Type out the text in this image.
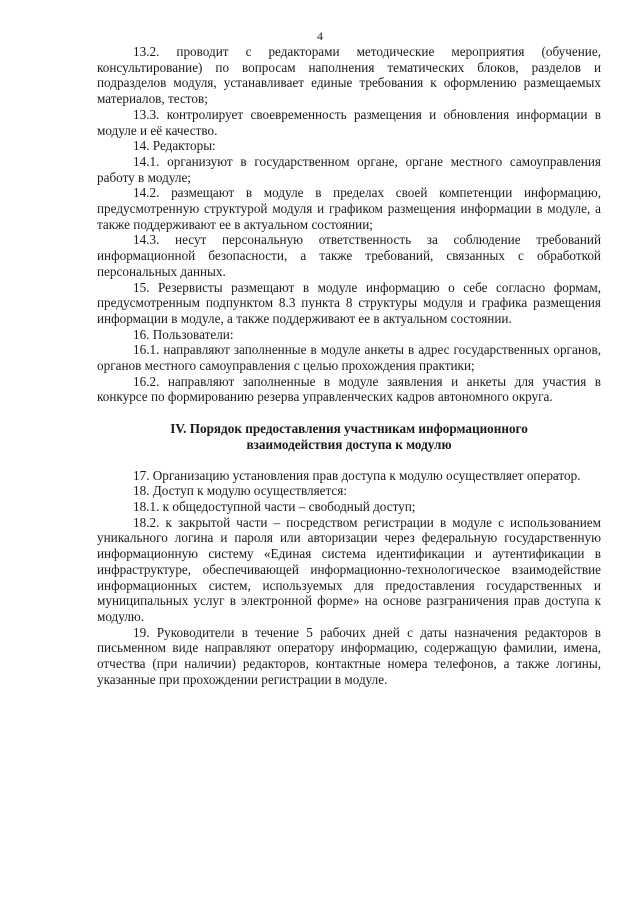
4

13.2. проводит с редакторами методические мероприятия (обучение, консультирование) по вопросам наполнения тематических блоков, разделов и подразделов модуля, устанавливает единые требования к оформлению размещаемых материалов, тестов;

13.3. контролирует своевременность размещения и обновления информации в модуле и её качество.

14. Редакторы:

14.1. организуют в государственном органе, органе местного самоуправления работу в модуле;

14.2. размещают в модуле в пределах своей компетенции информацию, предусмотренную структурой модуля и графиком размещения информации в модуле, а также поддерживают ее в актуальном состоянии;

14.3. несут персональную ответственность за соблюдение требований информационной безопасности, а также требований, связанных с обработкой персональных данных.

15. Резервисты размещают в модуле информацию о себе согласно формам, предусмотренным подпунктом 8.3 пункта 8 структуры модуля и графика размещения информации в модуле, а также поддерживают ее в актуальном состоянии.

16. Пользователи:

16.1. направляют заполненные в модуле анкеты в адрес государственных органов, органов местного самоуправления с целью прохождения практики;

16.2. направляют заполненные в модуле заявления и анкеты для участия в конкурсе по формированию резерва управленческих кадров автономного округа.

IV. Порядок предоставления участникам информационного
взаимодействия доступа к модулю

17. Организацию установления прав доступа к модулю осуществляет оператор.

18. Доступ к модулю осуществляется:

18.1. к общедоступной части – свободный доступ;

18.2. к закрытой части – посредством регистрации в модуле с использованием уникального логина и пароля или авторизации через федеральную государственную информационную систему «Единая система идентификации и аутентификации в инфраструктуре, обеспечивающей информационно-технологическое взаимодействие информационных систем, используемых для предоставления государственных и муниципальных услуг в электронной форме» на основе разграничения прав доступа к модулю.

19. Руководители в течение 5 рабочих дней с даты назначения редакторов в письменном виде направляют оператору информацию, содержащую фамилии, имена, отчества (при наличии) редакторов, контактные номера телефонов, а также логины, указанные при прохождении регистрации в модуле.
